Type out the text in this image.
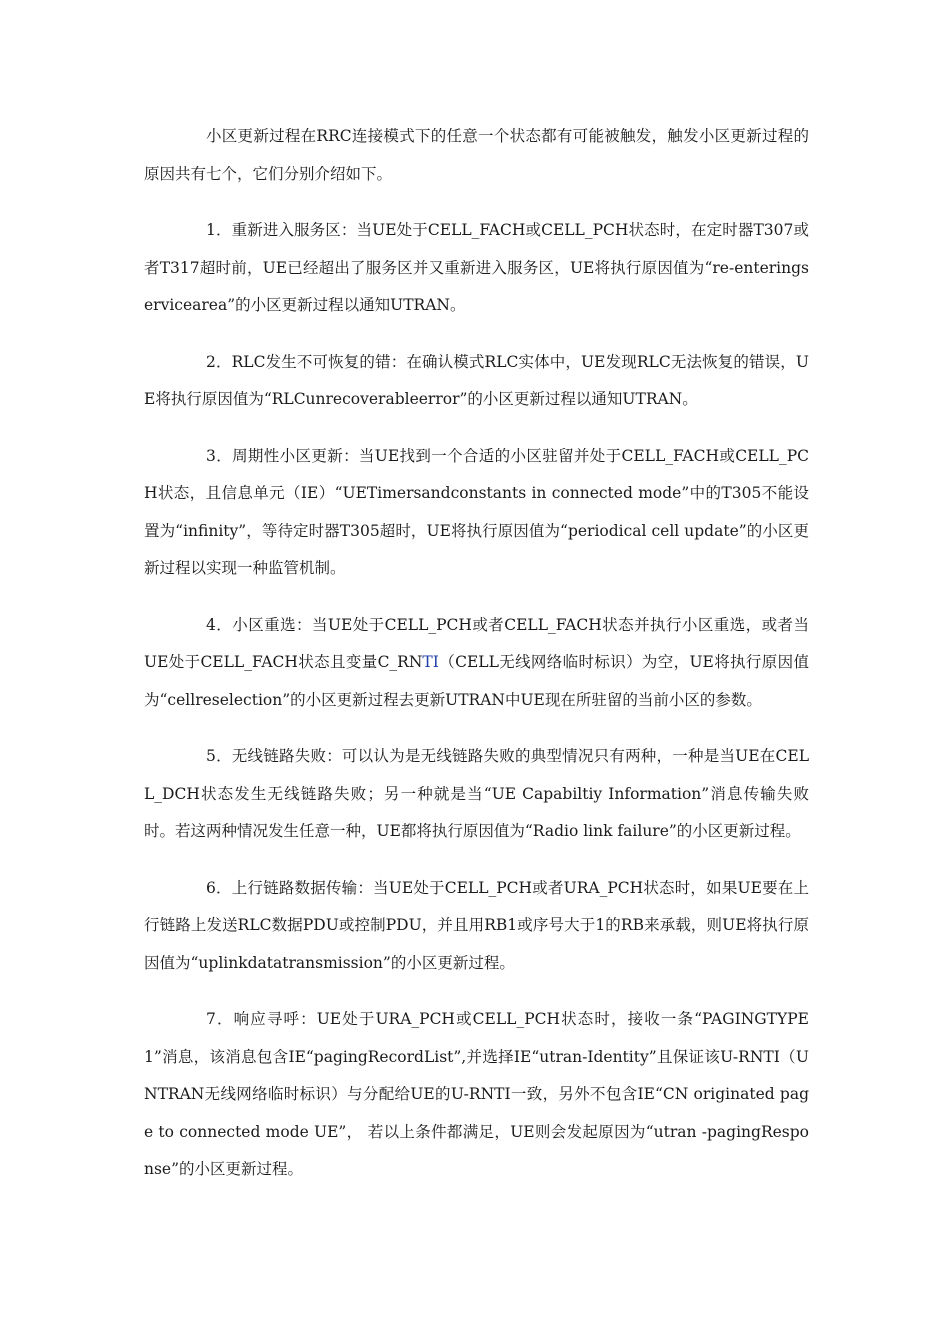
小区更新过程在RRC连接模式下的任意一个状态都有可能被触发，触发小区更新过程的原因共有七个，它们分别介绍如下。

1．重新进入服务区：当UE处于CELL_FACH或CELL_PCH状态时，在定时器T307或者T317超时前，UE已经超出了服务区并又重新进入服务区，UE将执行原因值为“re-enteringservicearea”的小区更新过程以通知UTRAN。

2．RLC发生不可恢复的错：在确认模式RLC实体中，UE发现RLC无法恢复的错误，UE将执行原因值为“RLCunrecoverableerror”的小区更新过程以通知UTRAN。

3．周期性小区更新：当UE找到一个合适的小区驻留并处于CELL_FACH或CELL_PCH状态，且信息单元（IE）“UETimersandconstants in connected mode”中的T305不能设置为“infinity”，等待定时器T305超时，UE将执行原因值为“periodical cell update”的小区更新过程以实现一种监管机制。

4．小区重选：当UE处于CELL_PCH或者CELL_FACH状态并执行小区重选，或者当UE处于CELL_FACH状态且变量C_RNTI（CELL无线网络临时标识）为空，UE将执行原因值为“cellreselection”的小区更新过程去更新UTRAN中UE现在所驻留的当前小区的参数。

5．无线链路失败：可以认为是无线链路失败的典型情况只有两种，一种是当UE在CELL_DCH状态发生无线链路失败；另一种就是当“UE Capabiltiy Information”消息传输失败时。若这两种情况发生任意一种，UE都将执行原因值为“Radio link failure”的小区更新过程。

6．上行链路数据传输：当UE处于CELL_PCH或者URA_PCH状态时，如果UE要在上行链路上发送RLC数据PDU或控制PDU，并且用RB1或序号大于1的RB来承载，则UE将执行原因值为“uplinkdatatransmission”的小区更新过程。

7．响应寻呼：UE处于URA_PCH或CELL_PCH状态时，接收一条“PAGINGTYPE1”消息，该消息包含IE“pagingRecordList”,并选择IE“utran-Identity”且保证该U-RNTI（UNTRAN无线网络临时标识）与分配给UE的U-RNTI一致，另外不包含IE“CN originated page to connected mode UE”， 若以上条件都满足，UE则会发起原因为“utran -pagingResponse”的小区更新过程。
